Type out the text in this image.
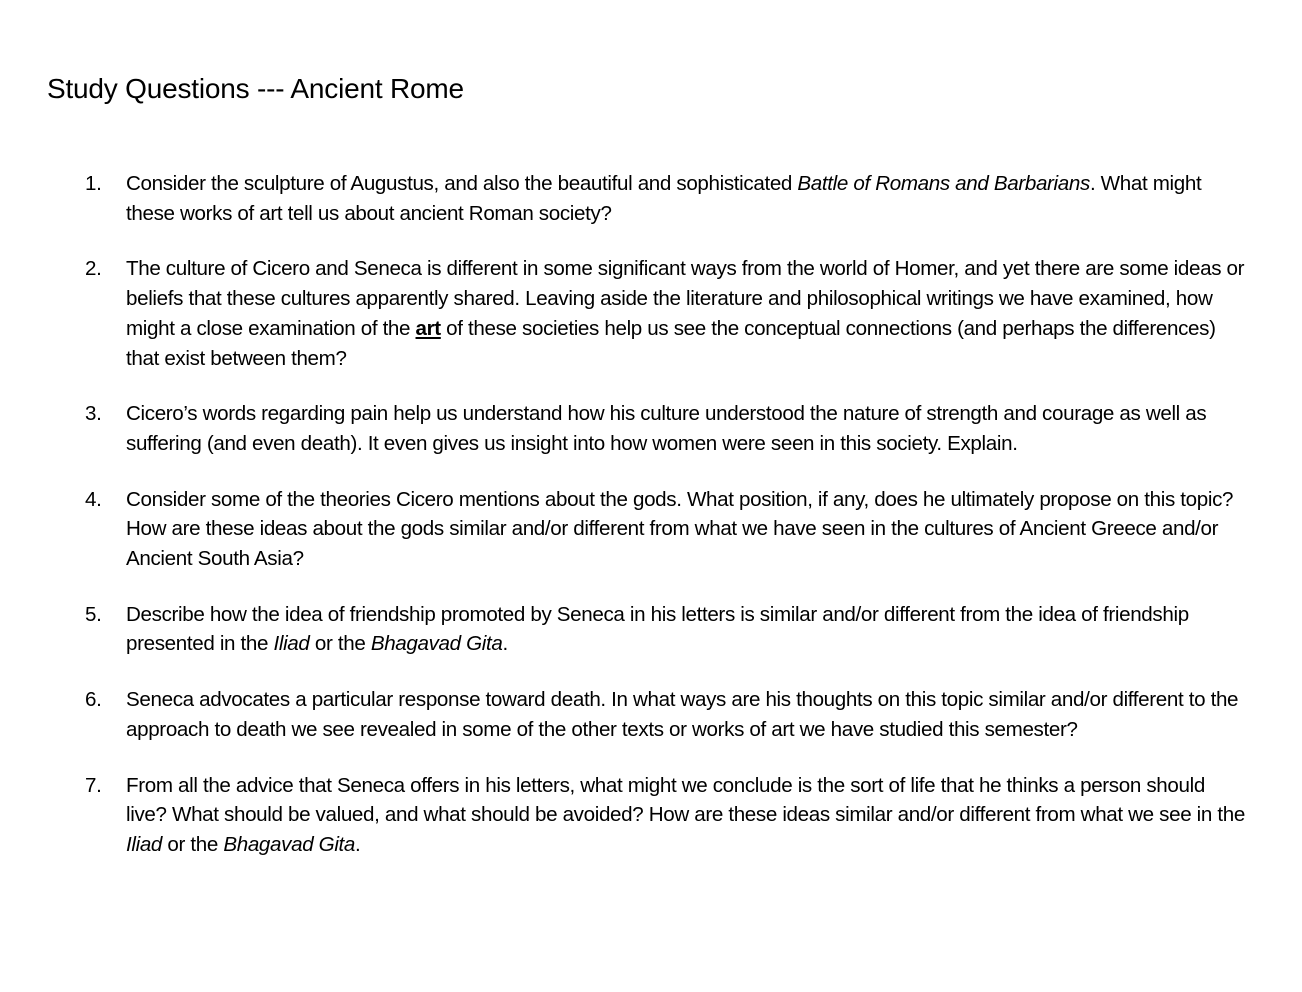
Study Questions --- Ancient Rome
1. Consider the sculpture of Augustus, and also the beautiful and sophisticated Battle of Romans and Barbarians. What might these works of art tell us about ancient Roman society?
2. The culture of Cicero and Seneca is different in some significant ways from the world of Homer, and yet there are some ideas or beliefs that these cultures apparently shared. Leaving aside the literature and philosophical writings we have examined, how might a close examination of the art of these societies help us see the conceptual connections (and perhaps the differences) that exist between them?
3. Cicero’s words regarding pain help us understand how his culture understood the nature of strength and courage as well as suffering (and even death). It even gives us insight into how women were seen in this society. Explain.
4. Consider some of the theories Cicero mentions about the gods. What position, if any, does he ultimately propose on this topic? How are these ideas about the gods similar and/or different from what we have seen in the cultures of Ancient Greece and/or Ancient South Asia?
5. Describe how the idea of friendship promoted by Seneca in his letters is similar and/or different from the idea of friendship presented in the Iliad or the Bhagavad Gita.
6. Seneca advocates a particular response toward death. In what ways are his thoughts on this topic similar and/or different to the approach to death we see revealed in some of the other texts or works of art we have studied this semester?
7. From all the advice that Seneca offers in his letters, what might we conclude is the sort of life that he thinks a person should live? What should be valued, and what should be avoided? How are these ideas similar and/or different from what we see in the Iliad or the Bhagavad Gita.
